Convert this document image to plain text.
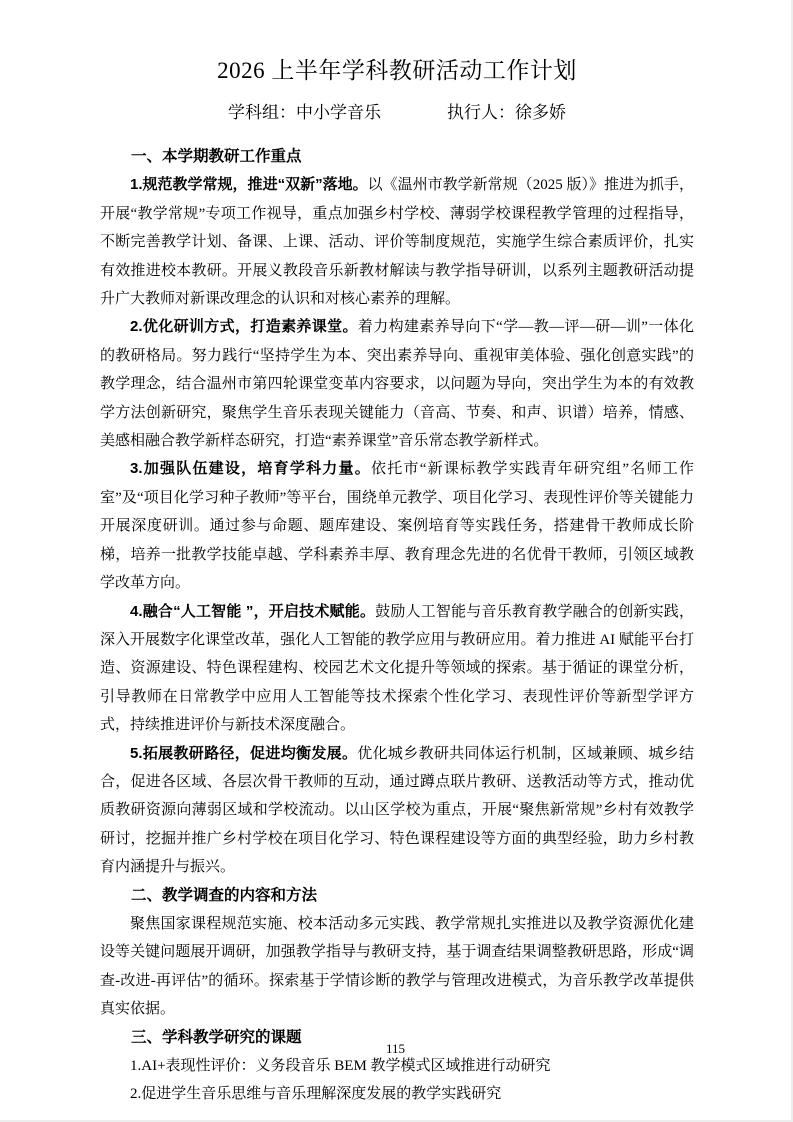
2026 上半年学科教研活动工作计划
学科组：中小学音乐	执行人：徐多娇
一、本学期教研工作重点

1.规范教学常规，推进“双新”落地。以《温州市教学新常规（2025 版）》推进为抓手，开展“教学常规”专项工作视导，重点加强乡村学校、薄弱学校课程教学管理的过程指导，不断完善教学计划、备课、上课、活动、评价等制度规范，实施学生综合素质评价，扎实有效推进校本教研。开展义教段音乐新教材解读与教学指导研训，以系列主题教研活动提升广大教师对新课改理念的认识和对核心素养的理解。

2.优化研训方式，打造素养课堂。着力构建素养导向下“学—教—评—研—训”一体化的教研格局。努力践行“坚持学生为本、突出素养导向、重视审美体验、强化创意实践”的教学理念，结合温州市第四轮课堂变革内容要求，以问题为导向，突出学生为本的有效教学方法创新研究，聚焦学生音乐表现关键能力（音高、节奏、和声、识谱）培养，情感、美感相融合教学新样态研究，打造“素养课堂”音乐常态教学新样式。

3.加强队伍建设，培育学科力量。依托市“新课标教学实践青年研究组”名师工作室”及“项目化学习种子教师”等平台，围绕单元教学、项目化学习、表现性评价等关键能力开展深度研训。通过参与命题、题库建设、案例培育等实践任务，搭建骨干教师成长阶梯，培养一批教学技能卓越、学科素养丰厚、教育理念先进的名优骨干教师，引领区域教学改革方向。

4.融合“人工智能 ”，开启技术赋能。鼓励人工智能与音乐教育教学融合的创新实践，深入开展数字化课堂改革，强化人工智能的教学应用与教研应用。着力推进 AI 赋能平台打造、资源建设、特色课程建构、校园艺术文化提升等领域的探索。基于循证的课堂分析，引导教师在日常教学中应用人工智能等技术探索个性化学习、表现性评价等新型学评方式，持续推进评价与新技术深度融合。

5.拓展教研路径，促进均衡发展。优化城乡教研共同体运行机制，区域兼顾、城乡结合，促进各区域、各层次骨干教师的互动，通过蹲点联片教研、送教活动等方式，推动优质教研资源向薄弱区域和学校流动。以山区学校为重点，开展“聚焦新常规”乡村有效教学研讨，挖掘并推广乡村学校在项目化学习、特色课程建设等方面的典型经验，助力乡村教育内涵提升与振兴。

二、教学调查的内容和方法

聚焦国家课程规范实施、校本活动多元实践、教学常规扎实推进以及教学资源优化建设等关键问题展开调研，加强教学指导与教研支持，基于调查结果调整教研思路，形成“调查-改进-再评估”的循环。探索基于学情诊断的教学与管理改进模式，为音乐教学改革提供真实依据。

三、学科教学研究的课题

1.AI+表现性评价：义务段音乐 BEM 教学模式区域推进行动研究

2.促进学生音乐思维与音乐理解深度发展的教学实践研究

115
